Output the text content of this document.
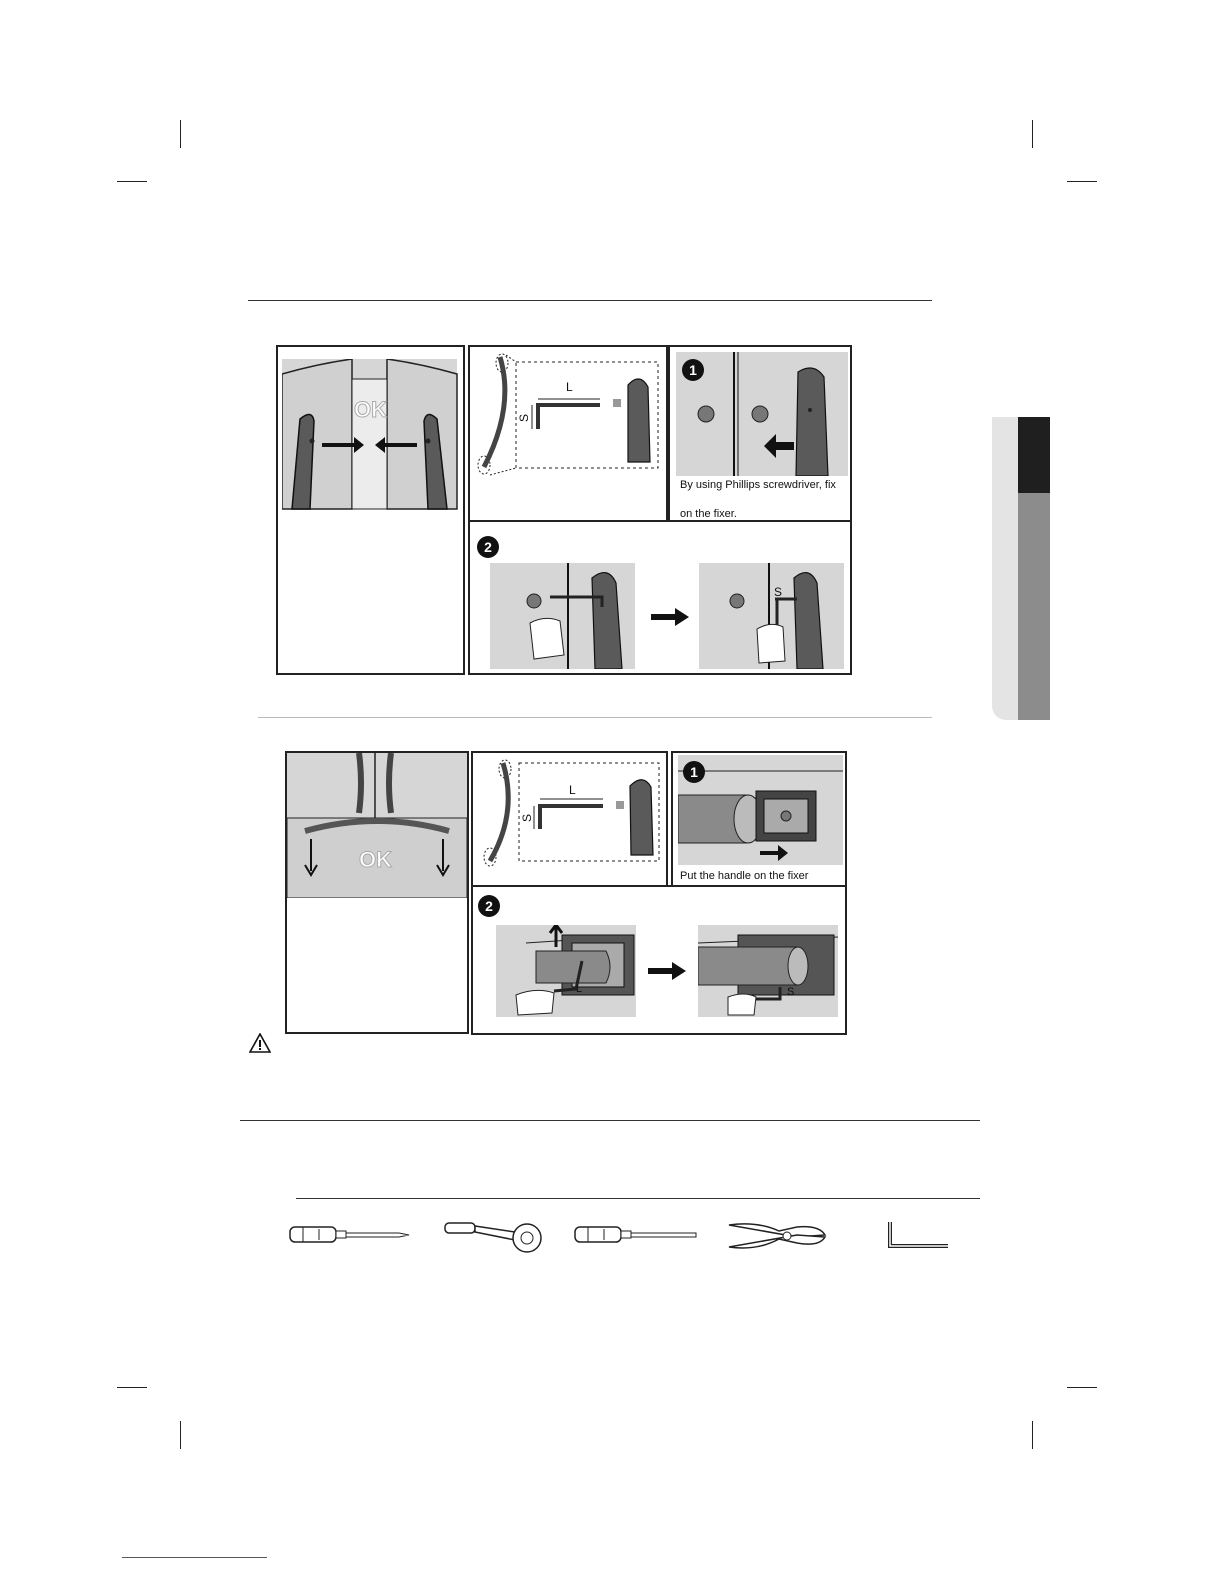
OK
L
S
1
By using Phillips screwdriver, fix
on the fixer.
2
S
OK
L
S
1
Put the handle on the fixer
2
L	S
